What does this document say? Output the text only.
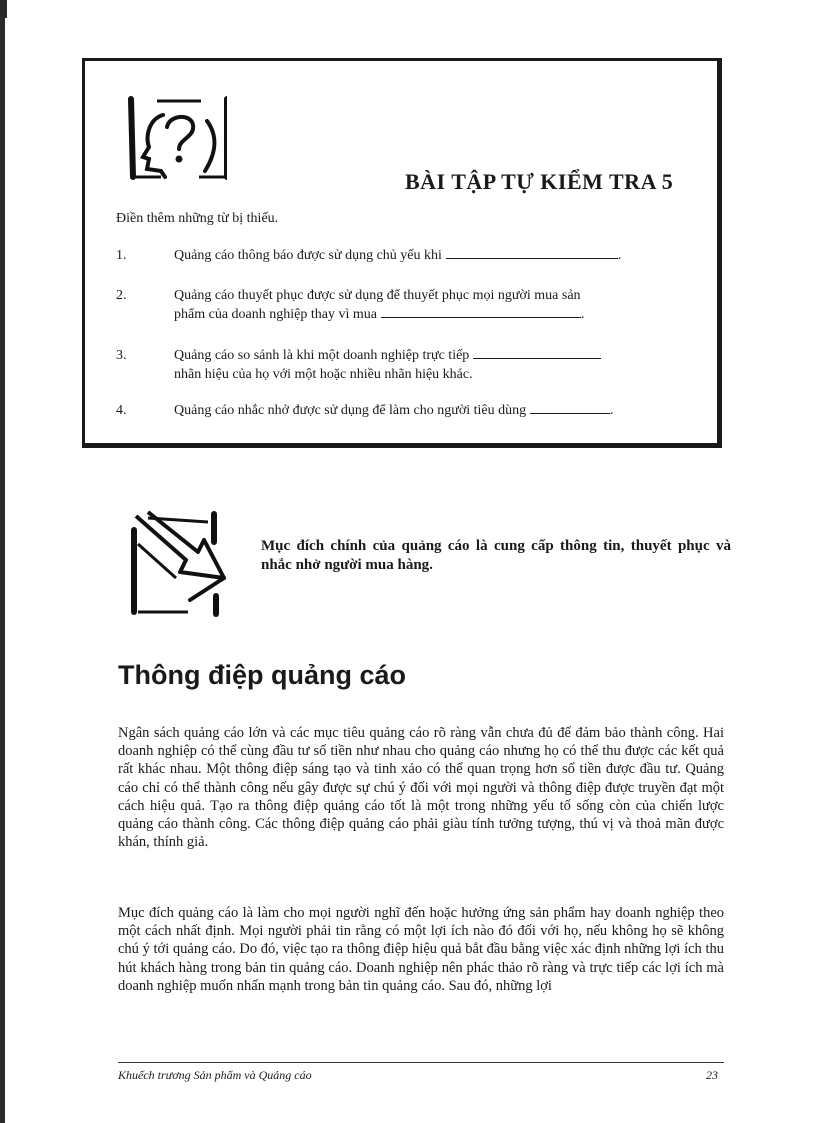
BÀI TẬP TỰ KIỂM TRA 5
Điền thêm những từ bị thiếu.
1.	Quảng cáo thông báo được sử dụng chủ yếu khi	.
2.	Quảng cáo thuyết phục được sử dụng để thuyết phục mọi người mua sản
phẩm của doanh nghiệp thay vì mua	.
3.	Quảng cáo so sánh là khi một doanh nghiệp trực tiếp
nhãn hiệu của họ với một hoặc nhiều nhãn hiệu khác.
4.	Quảng cáo nhắc nhở được sử dụng để làm cho người tiêu dùng	.
Mục đích chính của quảng cáo là cung cấp thông tin, thuyết phục và nhắc nhở người mua hàng.
Thông điệp quảng cáo
Ngân sách quảng cáo lớn và các mục tiêu quảng cáo rõ ràng vẫn chưa đủ để đảm bảo thành công. Hai doanh nghiệp có thể cùng đầu tư số tiền như nhau cho quảng cáo nhưng họ có thể thu được các kết quả rất khác nhau. Một thông điệp sáng tạo và tinh xảo có thể quan trọng hơn số tiền được đầu tư. Quảng cáo chỉ có thể thành công nếu gây được sự chú ý đối với mọi người và thông điệp được truyền đạt một cách hiệu quả. Tạo ra thông điệp quảng cáo tốt là một trong những yếu tố sống còn của chiến lược quảng cáo thành công. Các thông điệp quảng cáo phải giàu tính tưởng tượng, thú vị và thoả mãn được khán, thính giả.
Mục đích quảng cáo là làm cho mọi người nghĩ đến hoặc hưởng ứng sản phẩm hay doanh nghiệp theo một cách nhất định. Mọi người phải tin rằng có một lợi ích nào đó đối với họ, nếu không họ sẽ không chú ý tới quảng cáo. Do đó, việc tạo ra thông điệp hiệu quả bắt đầu bằng việc xác định những lợi ích thu hút khách hàng trong bản tin quảng cáo. Doanh nghiệp nên phác thảo rõ ràng và trực tiếp các lợi ích mà doanh nghiệp muốn nhấn mạnh trong bản tin quảng cáo. Sau đó, những lợi
Khuếch trương Sản phẩm và Quảng cáo	23
